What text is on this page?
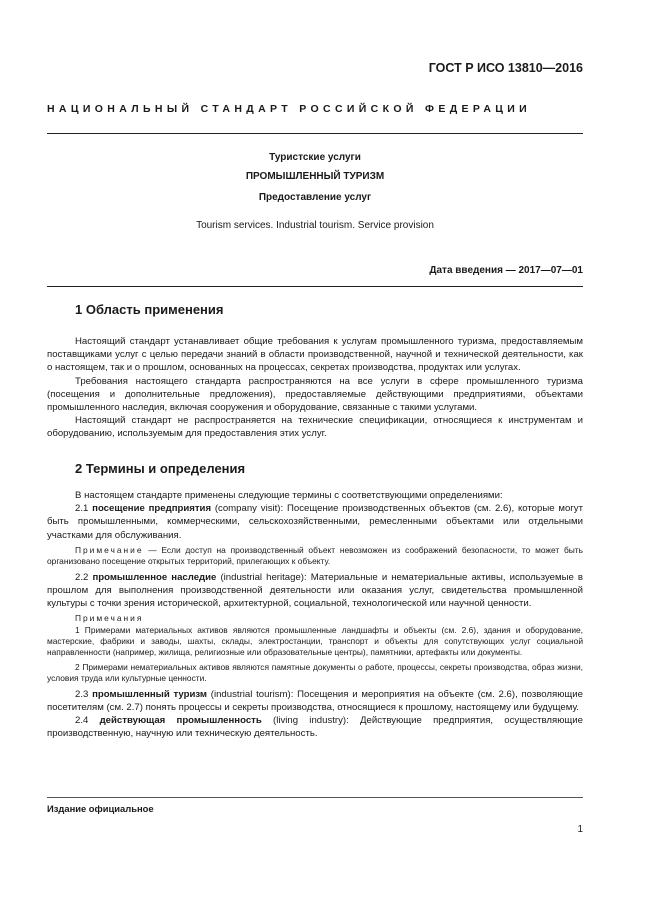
ГОСТ Р ИСО 13810—2016
НАЦИОНАЛЬНЫЙ СТАНДАРТ РОССИЙСКОЙ ФЕДЕРАЦИИ
Туристские услуги
ПРОМЫШЛЕННЫЙ ТУРИЗМ
Предоставление услуг
Tourism services. Industrial tourism. Service provision
Дата введения — 2017—07—01
1 Область применения

Настоящий стандарт устанавливает общие требования к услугам промышленного туризма, предоставляемым поставщиками услуг с целью передачи знаний в области производственной, научной и технической деятельности, как о настоящем, так и о прошлом, основанных на процессах, секретах производства, продуктах или услугах.

Требования настоящего стандарта распространяются на все услуги в сфере промышленного туризма (посещения и дополнительные предложения), предоставляемые действующими предприятиями, объектами промышленного наследия, включая сооружения и оборудование, связанные с такими услугами.

Настоящий стандарт не распространяется на технические спецификации, относящиеся к инструментам и оборудованию, используемым для предоставления этих услуг.

2 Термины и определения

В настоящем стандарте применены следующие термины с соответствующими определениями:

2.1 посещение предприятия (company visit): Посещение производственных объектов (см. 2.6), которые могут быть промышленными, коммерческими, сельскохозяйственными, ремесленными объектами или отдельными участками для обслуживания.

Примечание — Если доступ на производственный объект невозможен из соображений безопасности, то может быть организовано посещение открытых территорий, прилегающих к объекту.

2.2 промышленное наследие (industrial heritage): Материальные и нематериальные активы, используемые в прошлом для выполнения производственной деятельности или оказания услуг, свидетельства промышленной культуры с точки зрения исторической, архитектурной, социальной, технологической или научной ценности.

Примечания

1 Примерами материальных активов являются промышленные ландшафты и объекты (см. 2.6), здания и оборудование, мастерские, фабрики и заводы, шахты, склады, электростанции, транспорт и объекты для сопутствующих услуг социальной направленности (например, жилища, религиозные или образовательные центры), памятники, артефакты или документы.

2 Примерами нематериальных активов являются памятные документы о работе, процессы, секреты производства, образ жизни, условия труда или культурные ценности.

2.3 промышленный туризм (industrial tourism): Посещения и мероприятия на объекте (см. 2.6), позволяющие посетителям (см. 2.7) понять процессы и секреты производства, относящиеся к прошлому, настоящему или будущему.

2.4 действующая промышленность (living industry): Действующие предприятия, осуществляющие производственную, научную или техническую деятельность.

Издание официальное
1
